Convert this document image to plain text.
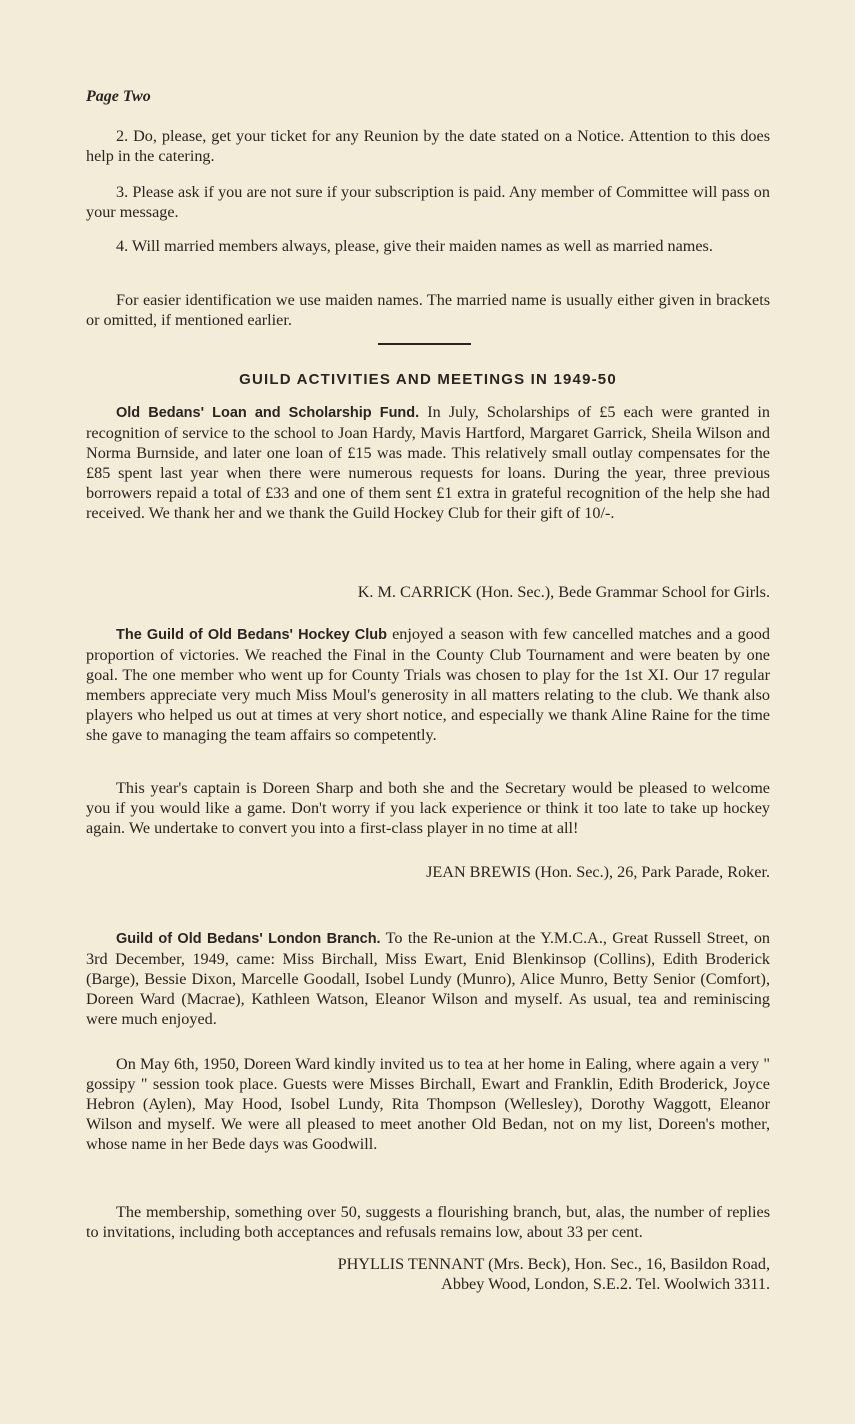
Page Two

2. Do, please, get your ticket for any Reunion by the date stated on a Notice. Attention to this does help in the catering.

3. Please ask if you are not sure if your subscription is paid. Any member of Committee will pass on your message.

4. Will married members always, please, give their maiden names as well as married names.

For easier identification we use maiden names. The married name is usually either given in brackets or omitted, if mentioned earlier.

GUILD ACTIVITIES AND MEETINGS IN 1949-50

Old Bedans' Loan and Scholarship Fund. In July, Scholarships of £5 each were granted in recognition of service to the school to Joan Hardy, Mavis Hartford, Margaret Garrick, Sheila Wilson and Norma Burnside, and later one loan of £15 was made. This relatively small outlay compensates for the £85 spent last year when there were numerous requests for loans. During the year, three previous borrowers repaid a total of £33 and one of them sent £1 extra in grateful recognition of the help she had received. We thank her and we thank the Guild Hockey Club for their gift of 10/-.

K. M. CARRICK (Hon. Sec.), Bede Grammar School for Girls.

The Guild of Old Bedans' Hockey Club enjoyed a season with few cancelled matches and a good proportion of victories. We reached the Final in the County Club Tournament and were beaten by one goal. The one member who went up for County Trials was chosen to play for the 1st XI. Our 17 regular members appreciate very much Miss Moul's generosity in all matters relating to the club. We thank also players who helped us out at times at very short notice, and especially we thank Aline Raine for the time she gave to managing the team affairs so competently.

This year's captain is Doreen Sharp and both she and the Secretary would be pleased to welcome you if you would like a game. Don't worry if you lack experience or think it too late to take up hockey again. We undertake to convert you into a first-class player in no time at all!

JEAN BREWIS (Hon. Sec.), 26, Park Parade, Roker.

Guild of Old Bedans' London Branch. To the Re-union at the Y.M.C.A., Great Russell Street, on 3rd December, 1949, came: Miss Birchall, Miss Ewart, Enid Blenkinsop (Collins), Edith Broderick (Barge), Bessie Dixon, Marcelle Goodall, Isobel Lundy (Munro), Alice Munro, Betty Senior (Comfort), Doreen Ward (Macrae), Kathleen Watson, Eleanor Wilson and myself. As usual, tea and reminiscing were much enjoyed.

On May 6th, 1950, Doreen Ward kindly invited us to tea at her home in Ealing, where again a very " gossipy " session took place. Guests were Misses Birchall, Ewart and Franklin, Edith Broderick, Joyce Hebron (Aylen), May Hood, Isobel Lundy, Rita Thompson (Wellesley), Dorothy Waggott, Eleanor Wilson and myself. We were all pleased to meet another Old Bedan, not on my list, Doreen's mother, whose name in her Bede days was Goodwill.

The membership, something over 50, suggests a flourishing branch, but, alas, the number of replies to invitations, including both acceptances and refusals remains low, about 33 per cent.

PHYLLIS TENNANT (Mrs. Beck), Hon. Sec., 16, Basildon Road,
Abbey Wood, London, S.E.2. Tel. Woolwich 3311.
